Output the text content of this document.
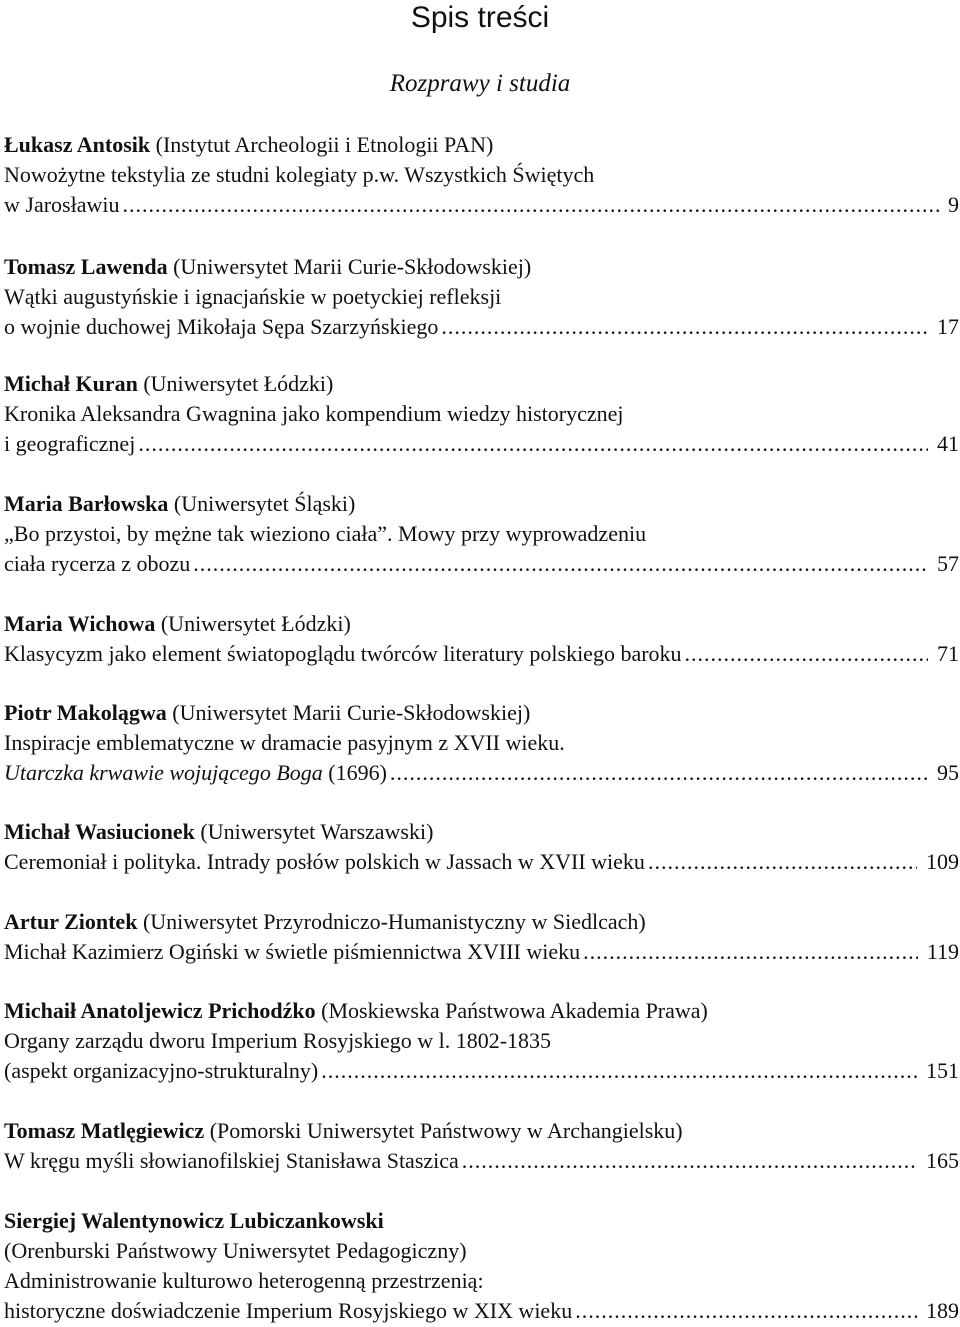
Spis treści
Rozprawy i studia
Łukasz Antosik (Instytut Archeologii i Etnologii PAN)
Nowożytne tekstylia ze studni kolegiaty p.w. Wszystkich Świętych
w Jarosławiu .....	9
Tomasz Lawenda (Uniwersytet Marii Curie-Skłodowskiej)
Wątki augustyńskie i ignacjańskie w poetyckiej refleksji
o wojnie duchowej Mikołaja Sępa Szarzyńskiego .....	17
Michał Kuran (Uniwersytet Łódzki)
Kronika Aleksandra Gwagnina jako kompendium wiedzy historycznej
i geograficznej .....	41
Maria Barłowska (Uniwersytet Śląski)
„Bo przystoi, by mężne tak wieziono ciała”. Mowy przy wyprowadzeniu
ciała rycerza z obozu .....	57
Maria Wichowa (Uniwersytet Łódzki)
Klasycyzm jako element światopoglądu twórców literatury polskiego baroku .....	71
Piotr Makolągwa (Uniwersytet Marii Curie-Skłodowskiej)
Inspiracje emblematyczne w dramacie pasyjnym z XVII wieku.
Utarczka krwawie wojującego Boga (1696) .....	95
Michał Wasiucionek (Uniwersytet Warszawski)
Ceremoniał i polityka. Intrady posłów polskich w Jassach w XVII wieku .....	109
Artur Ziontek (Uniwersytet Przyrodniczo-Humanistyczny w Siedlcach)
Michał Kazimierz Ogiński w świetle piśmiennictwa XVIII wieku .....	119
Michaił Anatoljewicz Prichodźko (Moskiewska Państwowa Akademia Prawa)
Organy zarządu dworu Imperium Rosyjskiego w l. 1802-1835
(aspekt organizacyjno-strukturalny) .....	151
Tomasz Matlęgiewicz (Pomorski Uniwersytet Państwowy w Archangielsku)
W kręgu myśli słowianofilskiej Stanisława Staszica .....	165
Siergiej Walentynowicz Lubiczankowski
(Orenburski Państwowy Uniwersytet Pedagogiczny)
Administrowanie kulturowo heterogenną przestrzenią:
historyczne doświadczenie Imperium Rosyjskiego w XIX wieku .....	189
